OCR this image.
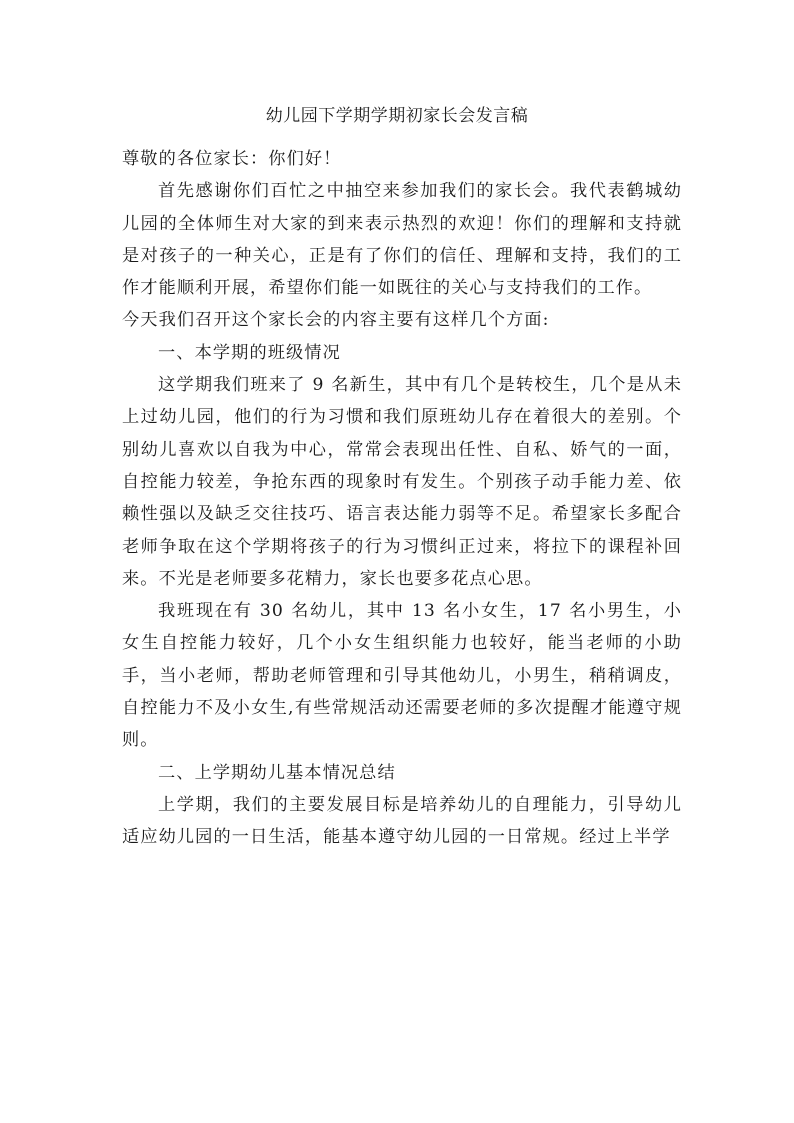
幼儿园下学期学期初家长会发言稿

尊敬的各位家长：你们好！

首先感谢你们百忙之中抽空来参加我们的家长会。我代表鹤城幼儿园的全体师生对大家的到来表示热烈的欢迎！你们的理解和支持就是对孩子的一种关心，正是有了你们的信任、理解和支持，我们的工作才能顺利开展，希望你们能一如既往的关心与支持我们的工作。

今天我们召开这个家长会的内容主要有这样几个方面:

一、本学期的班级情况

这学期我们班来了 9 名新生，其中有几个是转校生，几个是从未上过幼儿园，他们的行为习惯和我们原班幼儿存在着很大的差别。个别幼儿喜欢以自我为中心，常常会表现出任性、自私、娇气的一面，自控能力较差，争抢东西的现象时有发生。个别孩子动手能力差、依赖性强以及缺乏交往技巧、语言表达能力弱等不足。希望家长多配合老师争取在这个学期将孩子的行为习惯纠正过来，将拉下的课程补回来。不光是老师要多花精力，家长也要多花点心思。

我班现在有 30 名幼儿，其中 13 名小女生，17 名小男生，小女生自控能力较好，几个小女生组织能力也较好，能当老师的小助手，当小老师，帮助老师管理和引导其他幼儿，小男生，稍稍调皮，自控能力不及小女生,有些常规活动还需要老师的多次提醒才能遵守规则。

二、上学期幼儿基本情况总结

上学期，我们的主要发展目标是培养幼儿的自理能力，引导幼儿适应幼儿园的一日生活，能基本遵守幼儿园的一日常规。经过上半学
